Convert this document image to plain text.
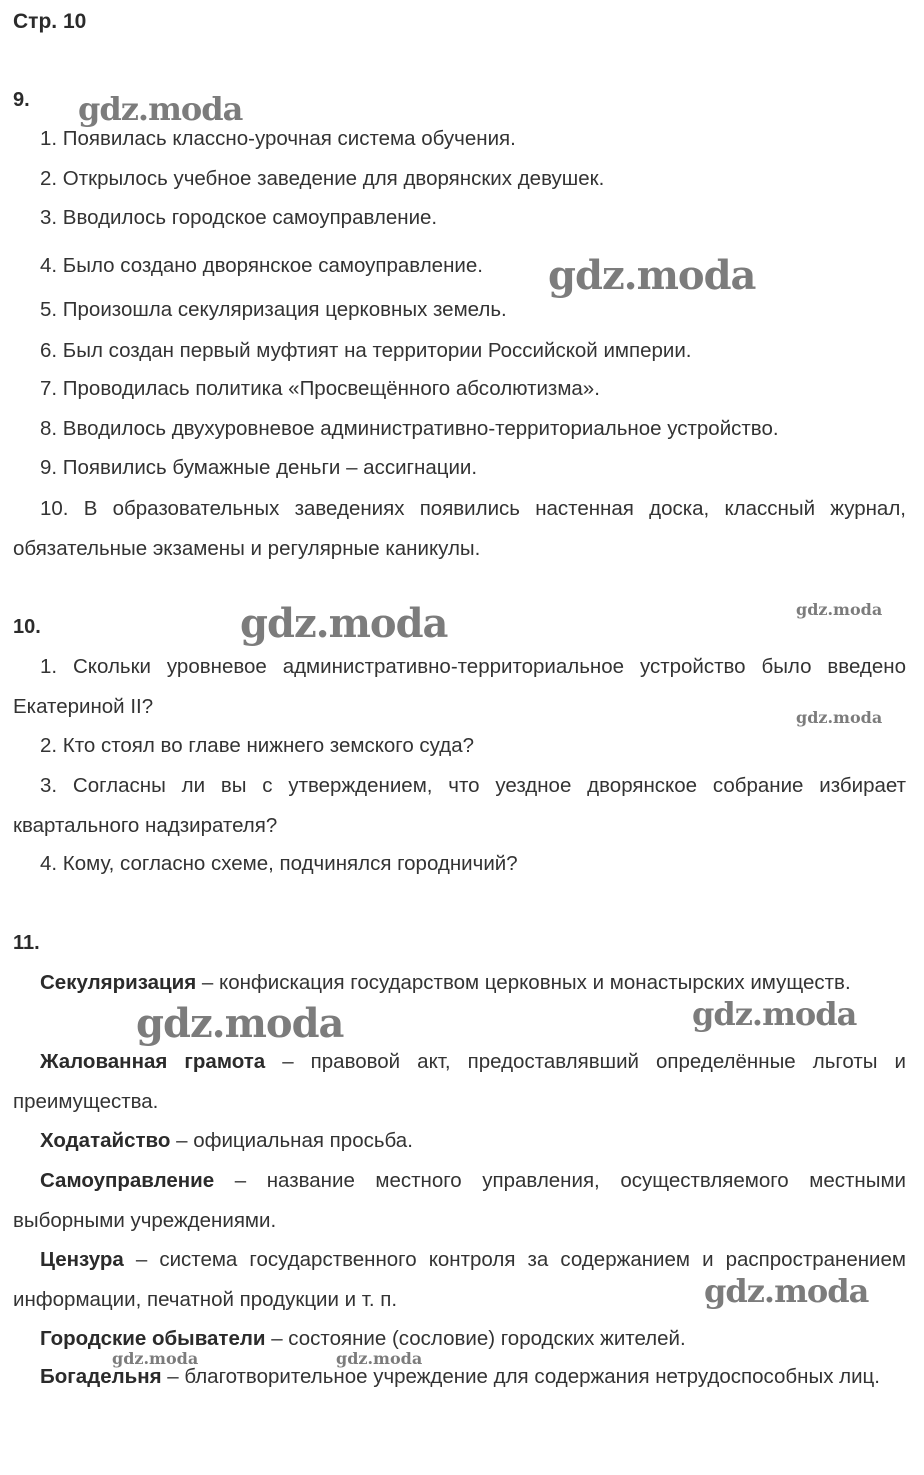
Стр. 10
9.
1. Появилась классно-урочная система обучения.
2. Открылось учебное заведение для дворянских девушек.
3. Вводилось городское самоуправление.
4. Было создано дворянское самоуправление.
5. Произошла секуляризация церковных земель.
6. Был создан первый муфтият на территории Российской империи.
7. Проводилась политика «Просвещённого абсолютизма».
8. Вводилось двухуровневое административно-территориальное устройство.
9. Появились бумажные деньги – ассигнации.
10. В образовательных заведениях появились настенная доска, классный журнал, обязательные экзамены и регулярные каникулы.
10.
1. Скольки уровневое административно-территориальное устройство было введено Екатериной II?
2. Кто стоял во главе нижнего земского суда?
3. Согласны ли вы с утверждением, что уездное дворянское собрание избирает квартального надзирателя?
4. Кому, согласно схеме, подчинялся городничий?
11.
Секуляризация – конфискация государством церковных и монастырских имуществ.
Жалованная грамота – правовой акт, предоставлявший определённые льготы и преимущества.
Ходатайство – официальная просьба.
Самоуправление – название местного управления, осуществляемого местными выборными учреждениями.
Цензура – система государственного контроля за содержанием и распространением информации, печатной продукции и т. п.
Городские обыватели – состояние (сословие) городских жителей.
Богадельня – благотворительное учреждение для содержания нетрудоспособных лиц.
gdz.moda
gdz.moda
gdz.moda	gdz.moda
gdz.moda
gdz.moda	gdz.moda
gdz.moda
gdz.moda	gdz.moda
